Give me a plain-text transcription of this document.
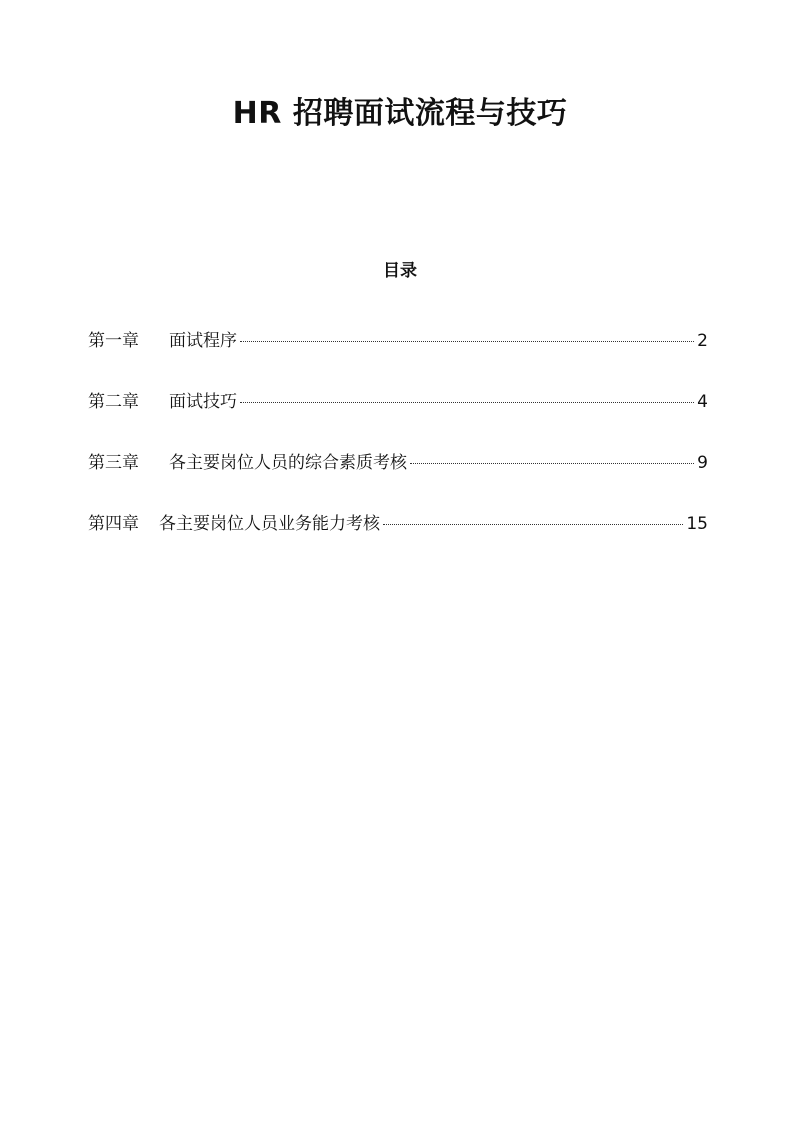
HR 招聘面试流程与技巧
目录
第一章 面试程序	2
第二章 面试技巧	4
第三章 各主要岗位人员的综合素质考核	9
第四章 各主要岗位人员业务能力考核	15
